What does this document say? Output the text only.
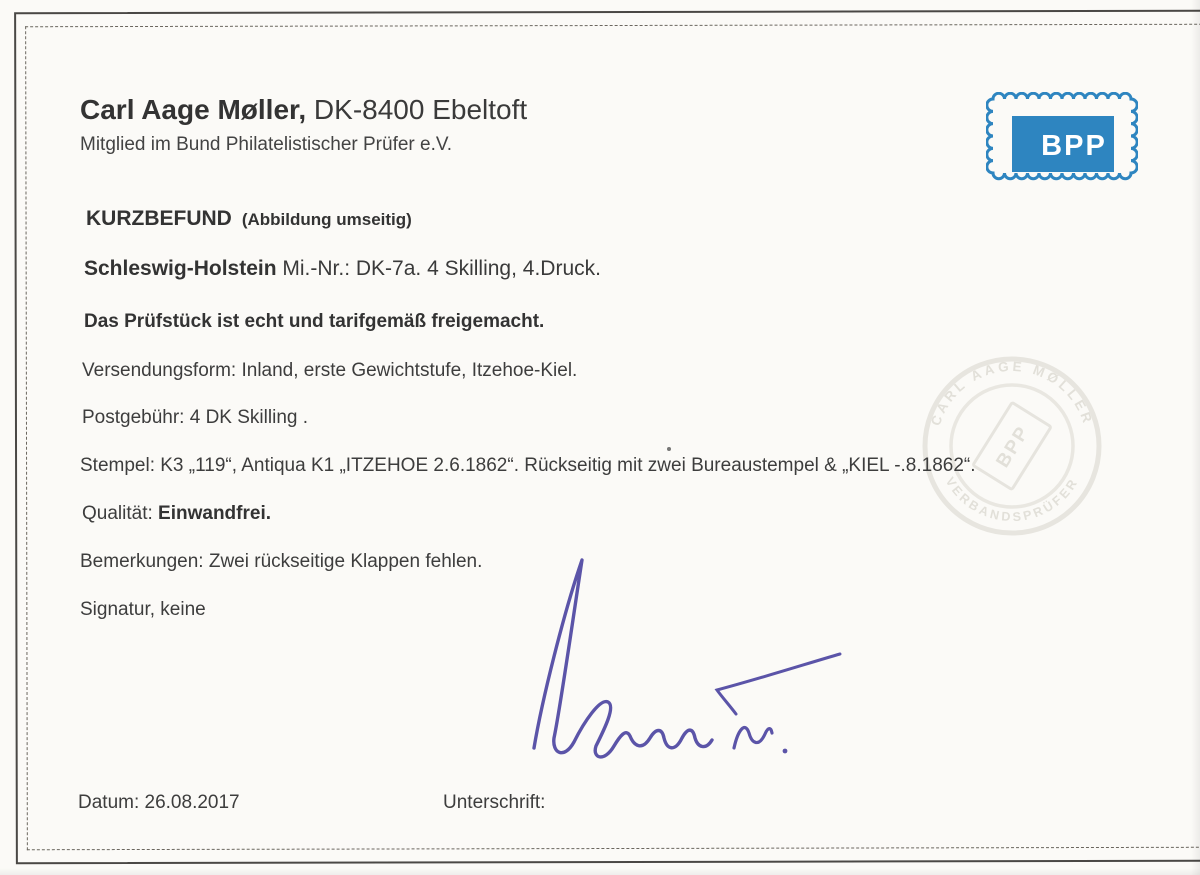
CARL AAGE MØLLER
VERBANDSPRÜFER
BPP
Carl Aage Møller, DK-8400 Ebeltoft
Mitglied im Bund Philatelistischer Prüfer e.V.	BPP
KURZBEFUND (Abbildung umseitig)
Schleswig-Holstein Mi.-Nr.: DK-7a. 4 Skilling, 4.Druck.
Das Prüfstück ist echt und tarifgemäß freigemacht.
Versendungsform: Inland, erste Gewichtstufe, Itzehoe-Kiel.
Postgebühr: 4 DK Skilling .
Stempel: K3 „119“, Antiqua K1 „ITZEHOE 2.6.1862“. Rückseitig mit zwei Bureaustempel & „KIEL -.8.1862“.
Qualität: Einwandfrei.
Bemerkungen: Zwei rückseitige Klappen fehlen.
Signatur, keine
Datum: 26.08.2017	Unterschrift:
